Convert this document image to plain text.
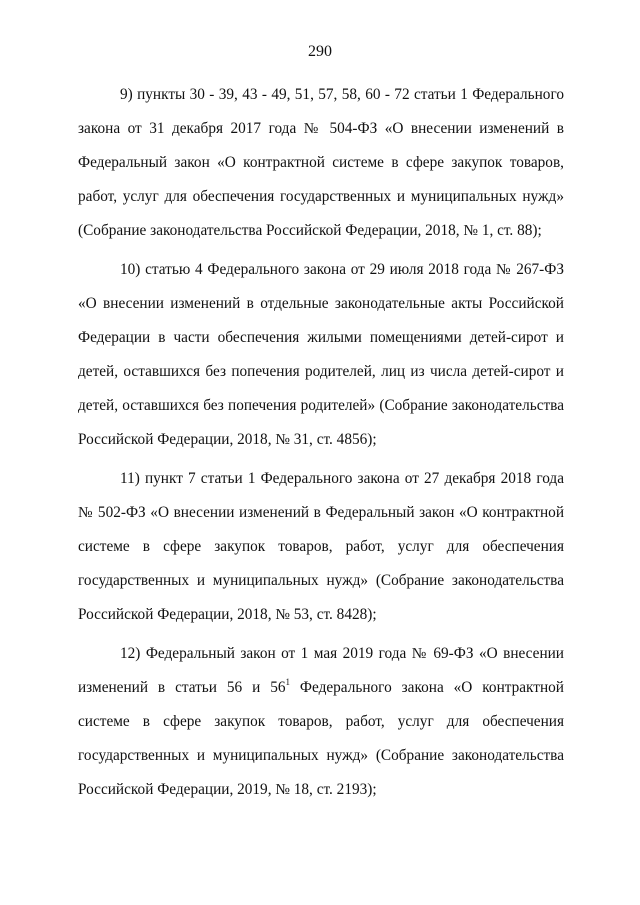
290

9) пункты 30 - 39, 43 - 49, 51, 57, 58, 60 - 72 статьи 1 Федерального закона от 31 декабря 2017 года № 504-ФЗ «О внесении изменений в Федеральный закон «О контрактной системе в сфере закупок товаров, работ, услуг для обеспечения государственных и муниципальных нужд» (Собрание законодательства Российской Федерации, 2018, № 1, ст. 88);

10) статью 4 Федерального закона от 29 июля 2018 года № 267-ФЗ «О внесении изменений в отдельные законодательные акты Российской Федерации в части обеспечения жилыми помещениями детей-сирот и детей, оставшихся без попечения родителей, лиц из числа детей-сирот и детей, оставшихся без попечения родителей» (Собрание законодательства Российской Федерации, 2018, № 31, ст. 4856);

11) пункт 7 статьи 1 Федерального закона от 27 декабря 2018 года № 502-ФЗ «О внесении изменений в Федеральный закон «О контрактной системе в сфере закупок товаров, работ, услуг для обеспечения государственных и муниципальных нужд» (Собрание законодательства Российской Федерации, 2018, № 53, ст. 8428);

12) Федеральный закон от 1 мая 2019 года № 69-ФЗ «О внесении изменений в статьи 56 и $56^1$ Федерального закона «О контрактной системе в сфере закупок товаров, работ, услуг для обеспечения государственных и муниципальных нужд» (Собрание законодательства Российской Федерации, 2019, № 18, ст. 2193);
